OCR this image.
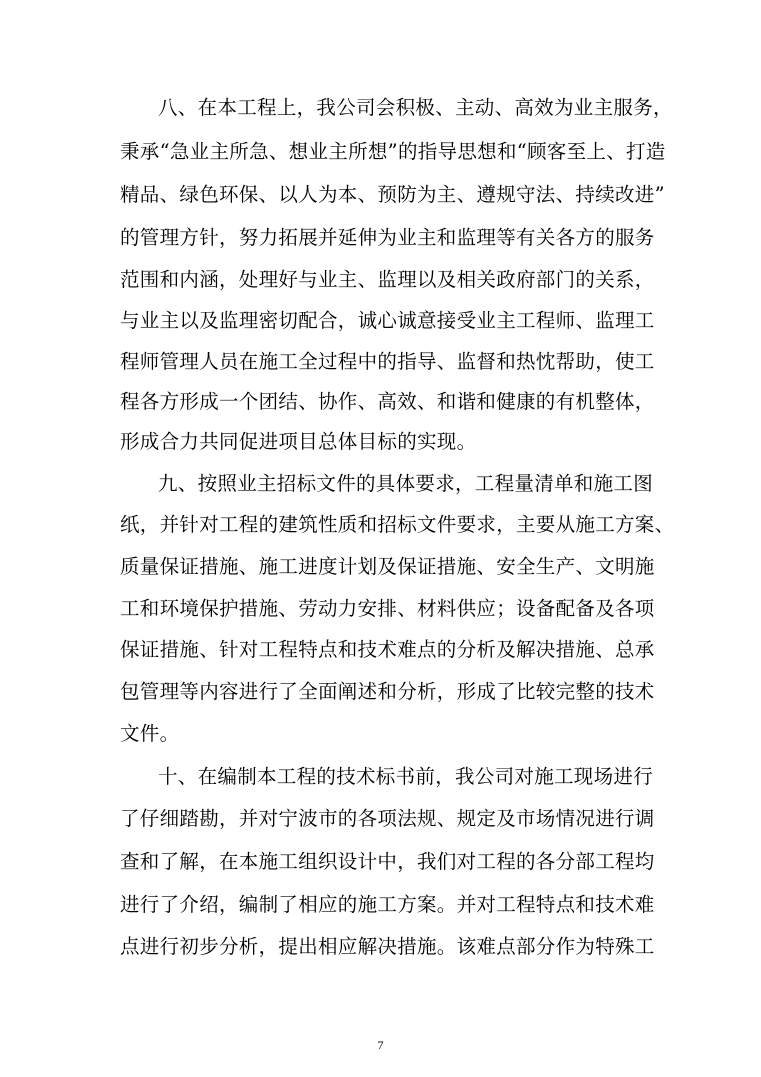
八、在本工程上，我公司会积极、主动、高效为业主服务，
秉承“急业主所急、想业主所想”的指导思想和“顾客至上、打造
精品、绿色环保、以人为本、预防为主、遵规守法、持续改进”
的管理方针，努力拓展并延伸为业主和监理等有关各方的服务
范围和内涵，处理好与业主、监理以及相关政府部门的关系，
与业主以及监理密切配合，诚心诚意接受业主工程师、监理工
程师管理人员在施工全过程中的指导、监督和热忱帮助，使工
程各方形成一个团结、协作、高效、和谐和健康的有机整体，
形成合力共同促进项目总体目标的实现。
九、按照业主招标文件的具体要求，工程量清单和施工图
纸，并针对工程的建筑性质和招标文件要求，主要从施工方案、
质量保证措施、施工进度计划及保证措施、安全生产、文明施
工和环境保护措施、劳动力安排、材料供应；设备配备及各项
保证措施、针对工程特点和技术难点的分析及解决措施、总承
包管理等内容进行了全面阐述和分析，形成了比较完整的技术
文件。
十、在编制本工程的技术标书前，我公司对施工现场进行
了仔细踏勘，并对宁波市的各项法规、规定及市场情况进行调
查和了解，在本施工组织设计中，我们对工程的各分部工程均
进行了介绍，编制了相应的施工方案。并对工程特点和技术难
点进行初步分析，提出相应解决措施。该难点部分作为特殊工
7
